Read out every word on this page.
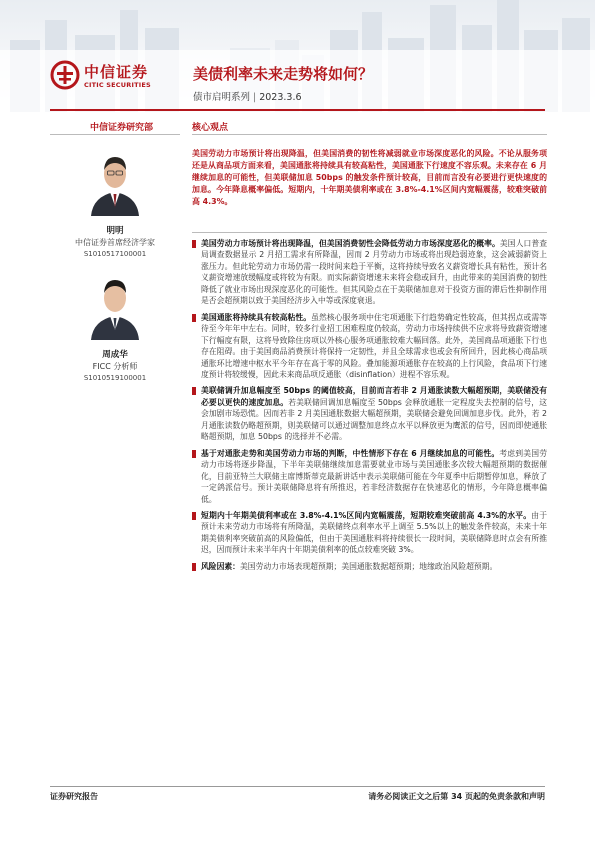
中信证券
CITIC SECURITIES
美债利率未来走势将如何？
债市启明系列 | 2023.3.6
中信证券研究部
明明
中信证券首席经济学家
S1010517100001
周成华
FICC 分析师
S1010519100001
核心观点
美国劳动力市场预计将出现降温，但美国消费的韧性将减弱就业市场深度恶化的风险。不论从服务项还是从商品项方面来看，美国通胀将持续具有较高粘性，美国通胀下行速度不容乐观。未来存在 6 月继续加息的可能性，但美联储加息 50bps 的触发条件预计较高，目前而言没有必要进行更快速度的加息。今年降息概率偏低。短期内，十年期美债利率或在 3.8%-4.1%区间内宽幅震荡，较难突破前高 4.3%。
美国劳动力市场预计将出现降温，但美国消费韧性会降低劳动力市场深度恶化的概率。美国人口普查局调查数据显示 2 月招工需求有所降温，因而 2 月劳动力市场或将出现趋弱迹象，这会减弱薪资上涨压力。但此轮劳动力市场仍需一段时间来趋于平衡，这将持续导致名义薪资增长具有粘性，预计名义薪资增速放缓幅度或将较为有限。而实际薪资增速未来将会稳或回升，由此带来的美国消费的韧性降低了就业市场出现深度恶化的可能性。但其风险点在于美联储加息对于投资方面的滞后性抑制作用是否会超预期以致于美国经济步入中等或深度衰退。
美国通胀将持续具有较高粘性。虽然核心服务项中住宅项通胀下行趋势确定性较高，但其拐点或需等待至今年年中左右。同时，较多行业招工困难程度仍较高，劳动力市场持续供不应求将导致薪资增速下行幅度有限，这将导致除住房项以外核心服务项通胀较难大幅回落。此外，美国商品项通胀下行也存在阻碍。由于美国商品消费预计将保持一定韧性，并且全球需求也或会有所回升，因此核心商品项通胀环比增速中枢水平今年存在高于零的风险。叠加能源项通胀存在较高的上行风险，食品项下行速度预计将较缓慢，因此未来商品项反通胀（disinflation）进程不容乐观。
美联储调升加息幅度至 50bps 的阈值较高，目前而言若非 2 月通胀读数大幅超预期，美联储没有必要以更快的速度加息。若美联储回调加息幅度至 50bps 会释放通胀一定程度失去控制的信号，这会加剧市场恐慌。因而若非 2 月美国通胀数据大幅超预期，美联储会避免回调加息步伐。此外，若 2 月通胀读数仍略超预期，则美联储可以通过调整加息终点水平以释放更为鹰派的信号，因而即使通胀略超预期，加息 50bps 的选择并不必需。
基于对通胀走势和美国劳动力市场的判断，中性情形下存在 6 月继续加息的可能性。考虑到美国劳动力市场将逐步降温，下半年美联储继续加息需要就业市场与美国通胀多次较大幅超预期的数据催化，目前亚特兰大联储主席博斯蒂克最新讲话中表示美联储可能在今年夏季中后期暂停加息，释放了一定鸽派信号。预计美联储降息将有所推迟，若非经济数据存在快速恶化的情形，今年降息概率偏低。
短期内十年期美债利率或在 3.8%-4.1%区间内宽幅震荡，短期较难突破前高 4.3%的水平。由于预计未来劳动力市场将有所降温，美联储终点利率水平上调至 5.5%以上的触发条件较高，未来十年期美债利率突破前高的风险偏低，但由于美国通胀料将持续很长一段时间，美联储降息时点会有所推迟，因而预计未来半年内十年期美债利率的低点较难突破 3%。
风险因素：美国劳动力市场表现超预期；美国通胀数据超预期；地缘政治风险超预期。
证券研究报告	请务必阅读正文之后第 34 页起的免责条款和声明
